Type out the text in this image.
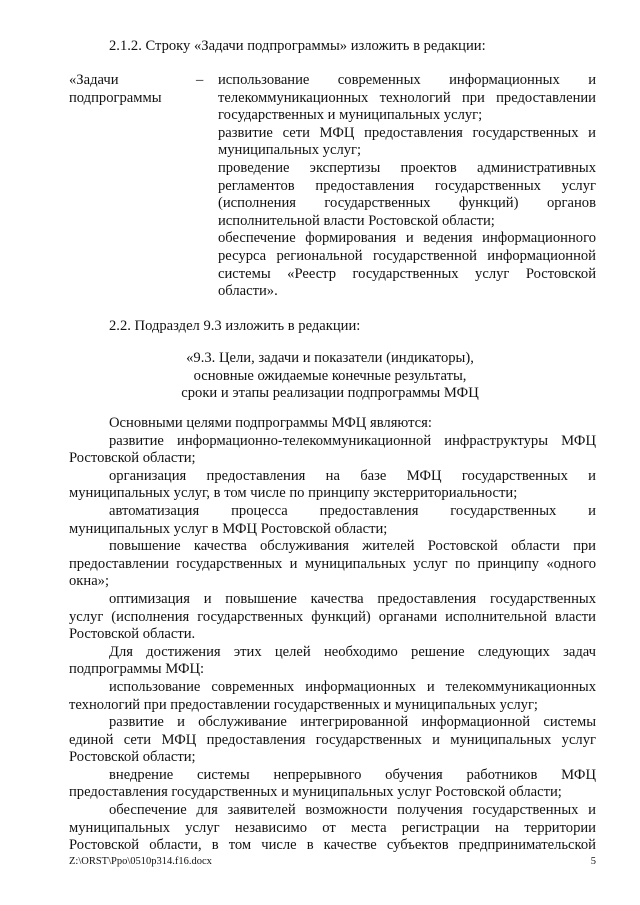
2.1.2. Строку «Задачи подпрограммы» изложить в редакции:
«Задачи
подпрограммы
– использование современных информационных и
телекоммуникационных технологий при предоставлении
государственных и муниципальных услуг;
развитие сети МФЦ предоставления государственных и
муниципальных услуг;
проведение экспертизы проектов административных
регламентов предоставления государственных услуг
(исполнения государственных функций) органов
исполнительной власти Ростовской области;
обеспечение формирования и ведения информационного
ресурса региональной государственной информационной
системы «Реестр государственных услуг Ростовской
области».
2.2. Подраздел 9.3 изложить в редакции:
«9.3. Цели, задачи и показатели (индикаторы),
основные ожидаемые конечные результаты,
сроки и этапы реализации подпрограммы МФЦ
Основными целями подпрограммы МФЦ являются:
развитие информационно-телекоммуникационной инфраструктуры МФЦ
Ростовской области;
организация предоставления на базе МФЦ государственных и
муниципальных услуг, в том числе по принципу экстерриториальности;
автоматизация процесса предоставления государственных и
муниципальных услуг в МФЦ Ростовской области;
повышение качества обслуживания жителей Ростовской области при
предоставлении государственных и муниципальных услуг по принципу «одного
окна»;
оптимизация и повышение качества предоставления государственных
услуг (исполнения государственных функций) органами исполнительной власти
Ростовской области.
Для достижения этих целей необходимо решение следующих задач
подпрограммы МФЦ:
использование современных информационных и телекоммуникационных
технологий при предоставлении государственных и муниципальных услуг;
развитие и обслуживание интегрированной информационной системы
единой сети МФЦ предоставления государственных и муниципальных услуг
Ростовской области;
внедрение системы непрерывного обучения работников МФЦ
предоставления государственных и муниципальных услуг Ростовской области;
обеспечение для заявителей возможности получения государственных и
муниципальных услуг независимо от места регистрации на территории
Ростовской области, в том числе в качестве субъектов предпринимательской
Z:\ORST\Ppo\0510p314.f16.docx	5
